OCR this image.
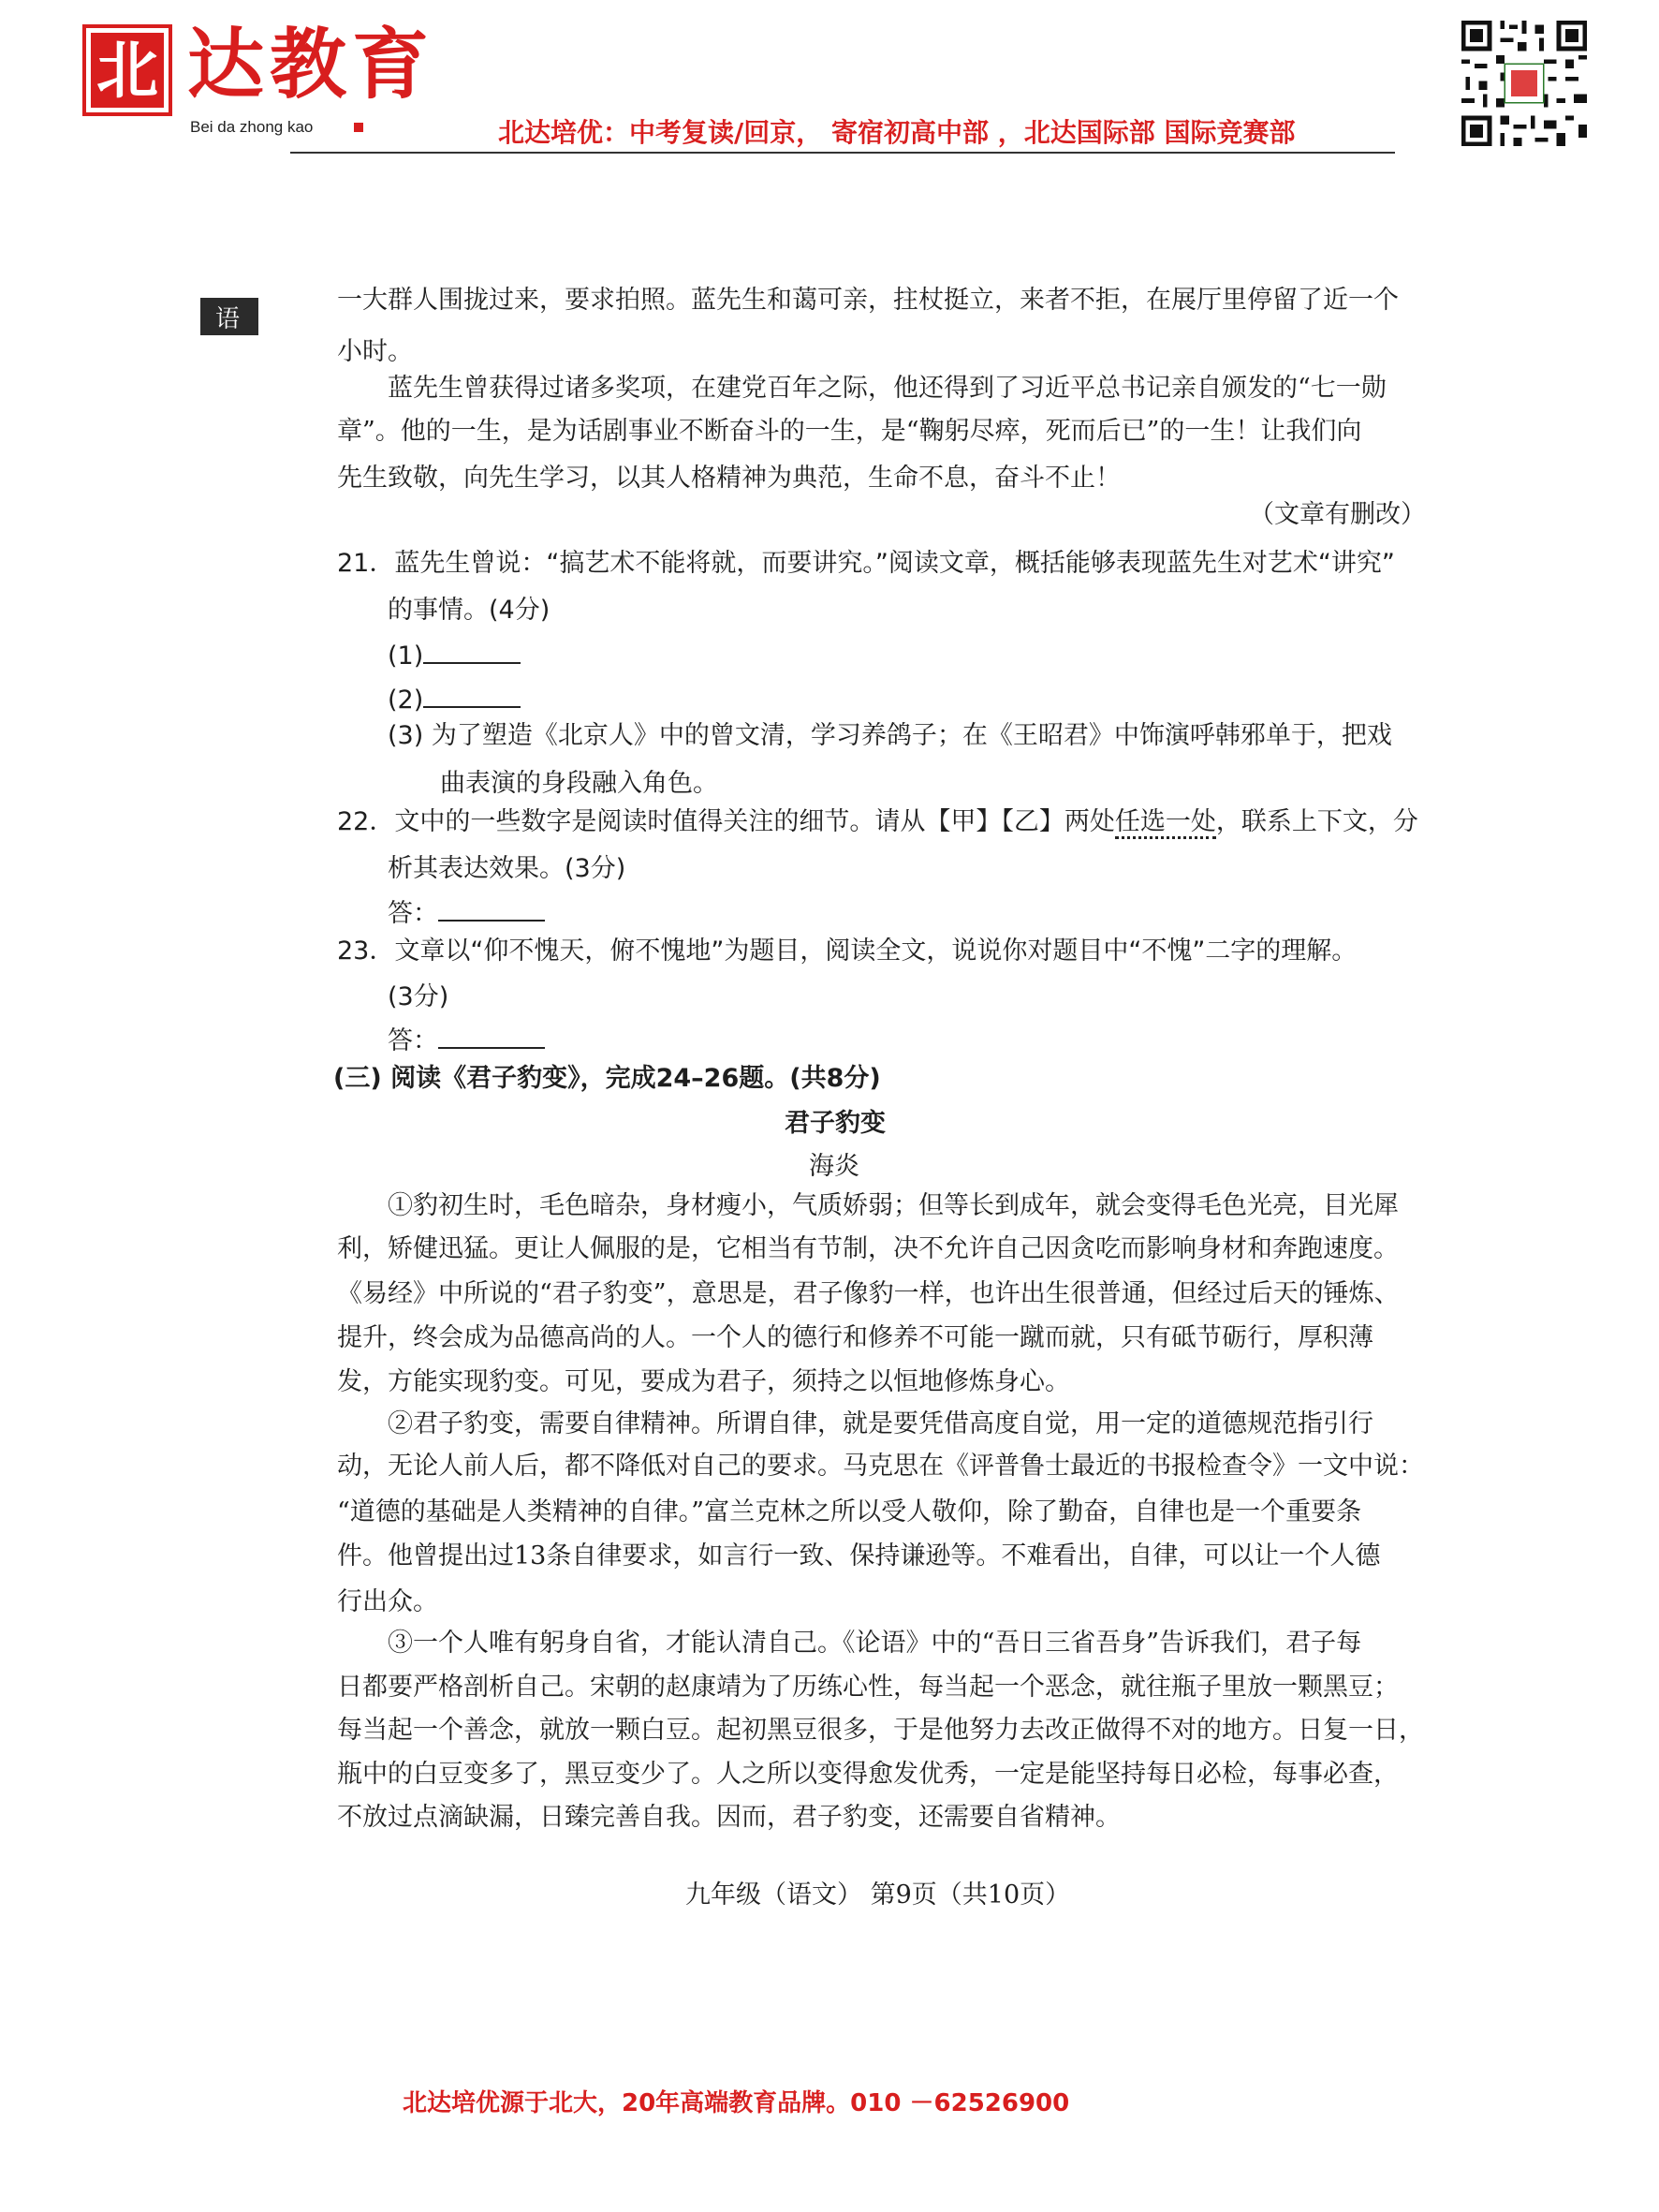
北 达教育
Bei da zhong kao	北达培优：中考复读/回京， 寄宿初高中部 ，北达国际部 国际竞赛部
语
一大群人围拢过来，要求拍照。蓝先生和蔼可亲，拄杖挺立，来者不拒，在展厅里停留了近一个
小时。
蓝先生曾获得过诸多奖项，在建党百年之际，他还得到了习近平总书记亲自颁发的“七一勋
章”。他的一生，是为话剧事业不断奋斗的一生，是“鞠躬尽瘁，死而后已”的一生！让我们向
先生致敬，向先生学习，以其人格精神为典范，生命不息，奋斗不止！
（文章有删改）
21．蓝先生曾说：“搞艺术不能将就，而要讲究。”阅读文章，概括能够表现蓝先生对艺术“讲究”
的事情。(4分)
(1)
(2)
(3) 为了塑造《北京人》中的曾文清，学习养鸽子；在《王昭君》中饰演呼韩邪单于，把戏
曲表演的身段融入角色。
22．文中的一些数字是阅读时值得关注的细节。请从【甲】【乙】两处任选一处，联系上下文，分
析其表达效果。(3分)
答：
23．文章以“仰不愧天，俯不愧地”为题目，阅读全文，说说你对题目中“不愧”二字的理解。
(3分)
答：
(三) 阅读《君子豹变》，完成24–26题。(共8分)
君子豹变
海炎
①豹初生时，毛色暗杂，身材瘦小，气质娇弱；但等长到成年，就会变得毛色光亮，目光犀
利，矫健迅猛。更让人佩服的是，它相当有节制，决不允许自己因贪吃而影响身材和奔跑速度。
《易经》中所说的“君子豹变”，意思是，君子像豹一样，也许出生很普通，但经过后天的锤炼、
提升，终会成为品德高尚的人。一个人的德行和修养不可能一蹴而就，只有砥节砺行，厚积薄
发，方能实现豹变。可见，要成为君子，须持之以恒地修炼身心。
②君子豹变，需要自律精神。所谓自律，就是要凭借高度自觉，用一定的道德规范指引行
动，无论人前人后，都不降低对自己的要求。马克思在《评普鲁士最近的书报检查令》一文中说：
“道德的基础是人类精神的自律。”富兰克林之所以受人敬仰，除了勤奋，自律也是一个重要条
件。他曾提出过13条自律要求，如言行一致、保持谦逊等。不难看出，自律，可以让一个人德
行出众。
③一个人唯有躬身自省，才能认清自己。《论语》中的“吾日三省吾身”告诉我们，君子每
日都要严格剖析自己。宋朝的赵康靖为了历练心性，每当起一个恶念，就往瓶子里放一颗黑豆；
每当起一个善念，就放一颗白豆。起初黑豆很多，于是他努力去改正做得不对的地方。日复一日，
瓶中的白豆变多了，黑豆变少了。人之所以变得愈发优秀，一定是能坚持每日必检，每事必查，
不放过点滴缺漏，日臻完善自我。因而，君子豹变，还需要自省精神。
九年级（语文） 第9页（共10页）
北达培优源于北大，20年高端教育品牌。010 －62526900
